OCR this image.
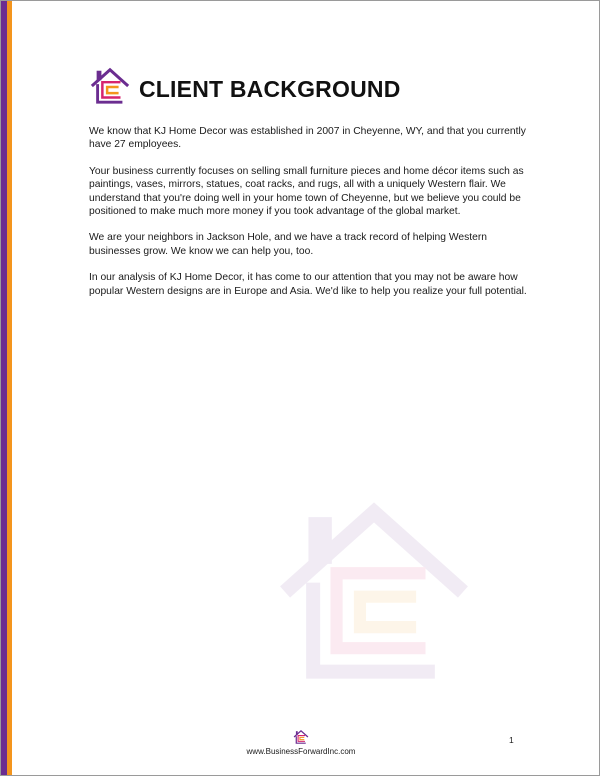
CLIENT BACKGROUND

We know that KJ Home Decor was established in 2007 in Cheyenne, WY, and that you currently have 27 employees.

Your business currently focuses on selling small furniture pieces and home décor items such as paintings, vases, mirrors, statues, coat racks, and rugs, all with a uniquely Western flair. We understand that you're doing well in your home town of Cheyenne, but we believe you could be positioned to make much more money if you took advantage of the global market.

We are your neighbors in Jackson Hole, and we have a track record of helping Western businesses grow. We know we can help you, too.

In our analysis of KJ Home Decor, it has come to our attention that you may not be aware how popular Western designs are in Europe and Asia. We'd like to help you realize your full potential.

www.BusinessForwardInc.com
1
